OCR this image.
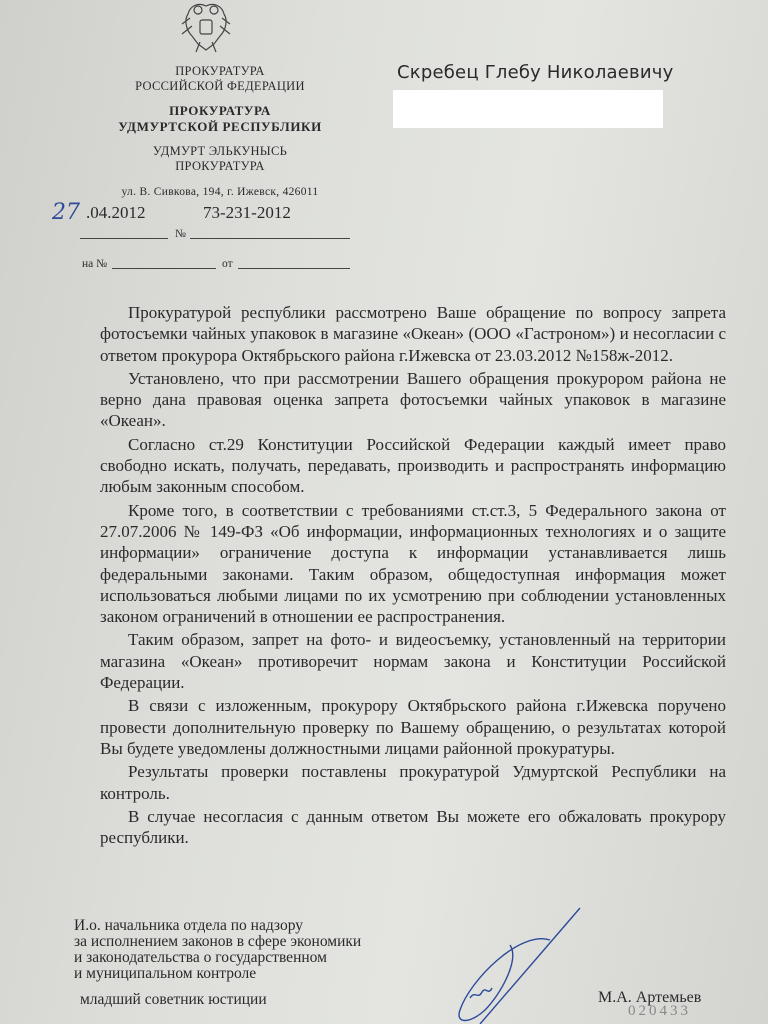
ПРОКУРАТУРА
РОССИЙСКОЙ ФЕДЕРАЦИИ
ПРОКУРАТУРА
УДМУРТСКОЙ РЕСПУБЛИКИ
УДМУРТ ЭЛЬКУНЫСЬ
ПРОКУРАТУРА
ул. В. Сивкова, 194, г. Ижевск, 426011
27 .04.2012	73-231-2012
№
на №	от
Скребец Глебу Николаевичу

Прокуратурой республики рассмотрено Ваше обращение по вопросу запрета фотосъемки чайных упаковок в магазине «Океан» (ООО «Гастроном») и несогласии с ответом прокурора Октябрьского района г.Ижевска от 23.03.2012 №158ж-2012.

Установлено, что при рассмотрении Вашего обращения прокурором района не верно дана правовая оценка запрета фотосъемки чайных упаковок в магазине «Океан».

Согласно ст.29 Конституции Российской Федерации каждый имеет право свободно искать, получать, передавать, производить и распространять информацию любым законным способом.

Кроме того, в соответствии с требованиями ст.ст.3, 5 Федерального закона от 27.07.2006 № 149-ФЗ «Об информации, информационных технологиях и о защите информации» ограничение доступа к информации устанавливается лишь федеральными законами. Таким образом, общедоступная информация может использоваться любыми лицами по их усмотрению при соблюдении установленных законом ограничений в отношении ее распространения.

Таким образом, запрет на фото- и видеосъемку, установленный на территории магазина «Океан» противоречит нормам закона и Конституции Российской Федерации.

В связи с изложенным, прокурору Октябрьского района г.Ижевска поручено провести дополнительную проверку по Вашему обращению, о результатах которой Вы будете уведомлены должностными лицами районной прокуратуры.

Результаты проверки поставлены прокуратурой Удмуртской Республики на контроль.

В случае несогласия с данным ответом Вы можете его обжаловать прокурору республики.

И.о. начальника отдела по надзору
за исполнением законов в сфере экономики
и законодательства о государственном
и муниципальном контроле
младший советник юстиции	М.А. Артемьев
020433
